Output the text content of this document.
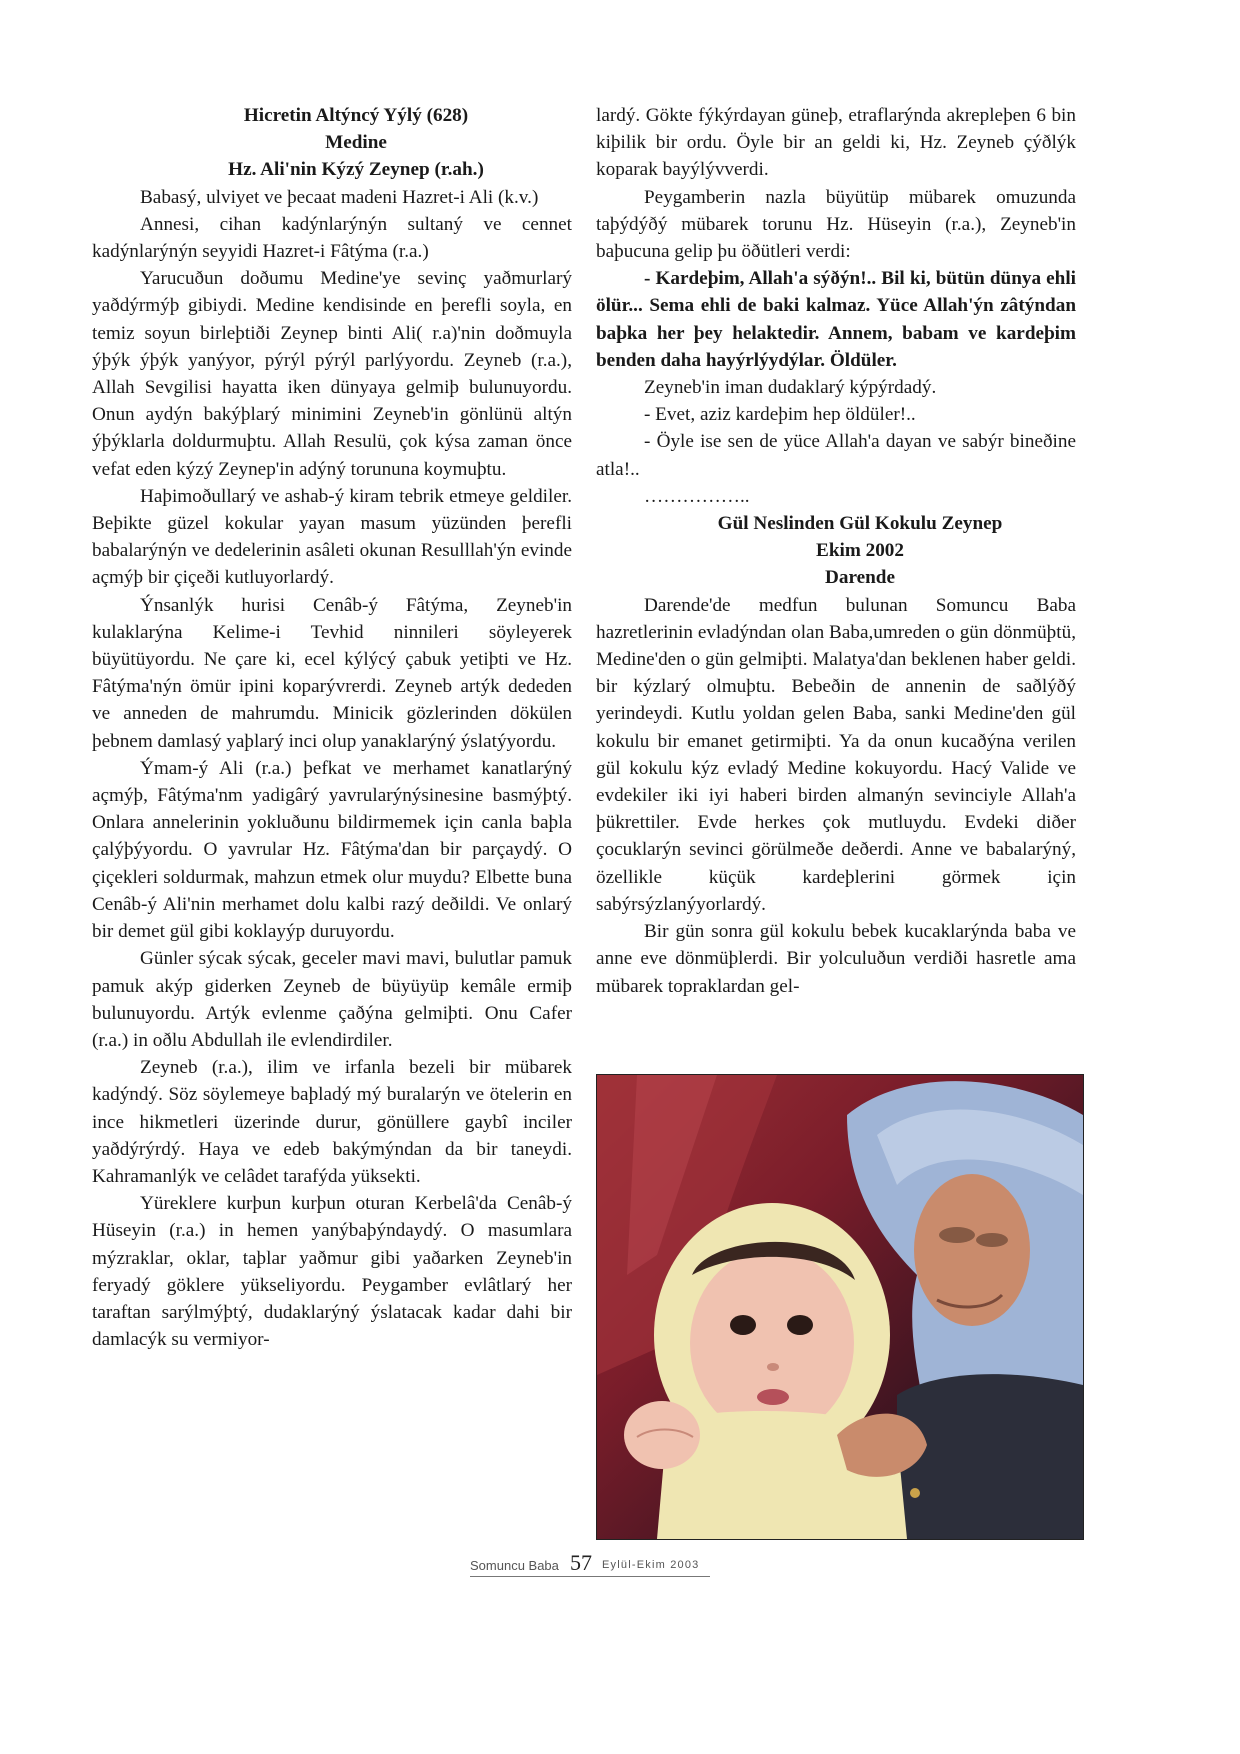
Hicretin Altýncý Yýlý (628)

Medine

Hz. Ali'nin Kýzý Zeynep (r.ah.)

Babasý, ulviyet ve þecaat madeni Hazret-i Ali (k.v.)

Annesi, cihan kadýnlarýnýn sultaný ve cennet kadýnlarýnýn seyyidi Hazret-i Fâtýma (r.a.)

Yarucuðun doðumu Medine'ye sevinç yaðmurlarý yaðdýrmýþ gibiydi. Medine kendisinde en þerefli soyla, en temiz soyun birleþtiði Zeynep binti Ali( r.a)'nin doðmuyla ýþýk ýþýk yanýyor, pýrýl pýrýl parlýyordu. Zeyneb (r.a.), Allah Sevgilisi hayatta iken dünyaya gelmiþ bulunuyordu. Onun aydýn bakýþlarý minimini Zeyneb'in gönlünü altýn ýþýklarla doldurmuþtu. Allah Resulü, çok kýsa zaman önce vefat eden kýzý Zeynep'in adýný torununa koymuþtu.

Haþimoðullarý ve ashab-ý kiram tebrik etmeye geldiler. Beþikte güzel kokular yayan masum yüzünden þerefli babalarýnýn ve dedelerinin asâleti okunan Resulllah'ýn evinde açmýþ bir çiçeði kutluyorlardý.

Ýnsanlýk hurisi Cenâb-ý Fâtýma, Zeyneb'in kulaklarýna Kelime-i Tevhid ninnileri söyleyerek büyütüyordu. Ne çare ki, ecel kýlýcý çabuk yetiþti ve Hz. Fâtýma'nýn ömür ipini koparývrerdi. Zeyneb artýk dededen ve anneden de mahrumdu. Minicik gözlerinden dökülen þebnem damlasý yaþlarý inci olup yanaklarýný ýslatýyordu.

Ýmam-ý Ali (r.a.) þefkat ve merhamet kanatlarýný açmýþ, Fâtýma'nm yadigârý yavrularýnýsinesine basmýþtý. Onlara annelerinin yokluðunu bildirmemek için canla baþla çalýþýyordu. O yavrular Hz. Fâtýma'dan bir parçaydý. O çiçekleri soldurmak, mahzun etmek olur muydu? Elbette buna Cenâb-ý Ali'nin merhamet dolu kalbi razý deðildi. Ve onlarý bir demet gül gibi koklayýp duruyordu.

Günler sýcak sýcak, geceler mavi mavi, bulutlar pamuk pamuk akýp giderken Zeyneb de büyüyüp kemâle ermiþ bulunuyordu. Artýk evlenme çaðýna gelmiþti. Onu Cafer (r.a.) in oðlu Abdullah ile evlendirdiler.

Zeyneb (r.a.), ilim ve irfanla bezeli bir mübarek kadýndý. Söz söylemeye baþladý mý buralarýn ve ötelerin en ince hikmetleri üzerinde durur, gönüllere gaybî inciler yaðdýrýrdý. Haya ve edeb bakýmýndan da bir taneydi. Kahramanlýk ve celâdet tarafýda yüksekti.

Yüreklere kurþun kurþun oturan Kerbelâ'da Cenâb-ý Hüseyin (r.a.) in hemen yanýbaþýndaydý. O masumlara mýzraklar, oklar, taþlar yaðmur gibi yaðarken Zeyneb'in feryadý göklere yükseliyordu. Peygamber evlâtlarý her taraftan sarýlmýþtý, dudaklarýný ýslatacak kadar dahi bir damlacýk su vermiyor-

lardý. Gökte fýkýrdayan güneþ, etraflarýnda akrepleþen 6 bin kiþilik bir ordu. Öyle bir an geldi ki, Hz. Zeyneb çýðlýk koparak bayýlývverdi.

Peygamberin nazla büyütüp mübarek omuzunda taþýdýðý mübarek torunu Hz. Hüseyin (r.a.), Zeyneb'in baþucuna gelip þu öðütleri verdi:

- Kardeþim, Allah'a sýðýn!.. Bil ki, bütün dünya ehli ölür... Sema ehli de baki kalmaz. Yüce Allah'ýn zâtýndan baþka her þey helaktedir. Annem, babam ve kardeþim benden daha hayýrlýydýlar. Öldüler.

Zeyneb'in iman dudaklarý kýpýrdadý.

- Evet, aziz kardeþim hep öldüler!..

- Öyle ise sen de yüce Allah'a dayan ve sabýr bineðine atla!..

……………..

Gül Neslinden Gül Kokulu Zeynep

Ekim 2002

Darende

Darende'de medfun bulunan Somuncu Baba hazretlerinin evladýndan olan Baba,umreden o gün dönmüþtü, Medine'den o gün gelmiþti. Malatya'dan beklenen haber geldi. bir kýzlarý olmuþtu. Bebeðin de annenin de saðlýðý yerindeydi. Kutlu yoldan gelen Baba, sanki Medine'den gül kokulu bir emanet getirmiþti. Ya da onun kucaðýna verilen gül kokulu kýz evladý Medine kokuyordu. Hacý Valide ve evdekiler iki iyi haberi birden almanýn sevinciyle Allah'a þükrettiler. Evde herkes çok mutluydu. Evdeki diðer çocuklarýn sevinci görülmeðe deðerdi. Anne ve babalarýný, özellikle küçük kardeþlerini görmek için sabýrsýzlanýyorlardý.

Bir gün sonra gül kokulu bebek kucaklarýnda baba ve anne eve dönmüþlerdi. Bir yolculuðun verdiði hasretle ama mübarek topraklardan gel-

Somuncu Baba 57 Eylül-Ekim 2003
